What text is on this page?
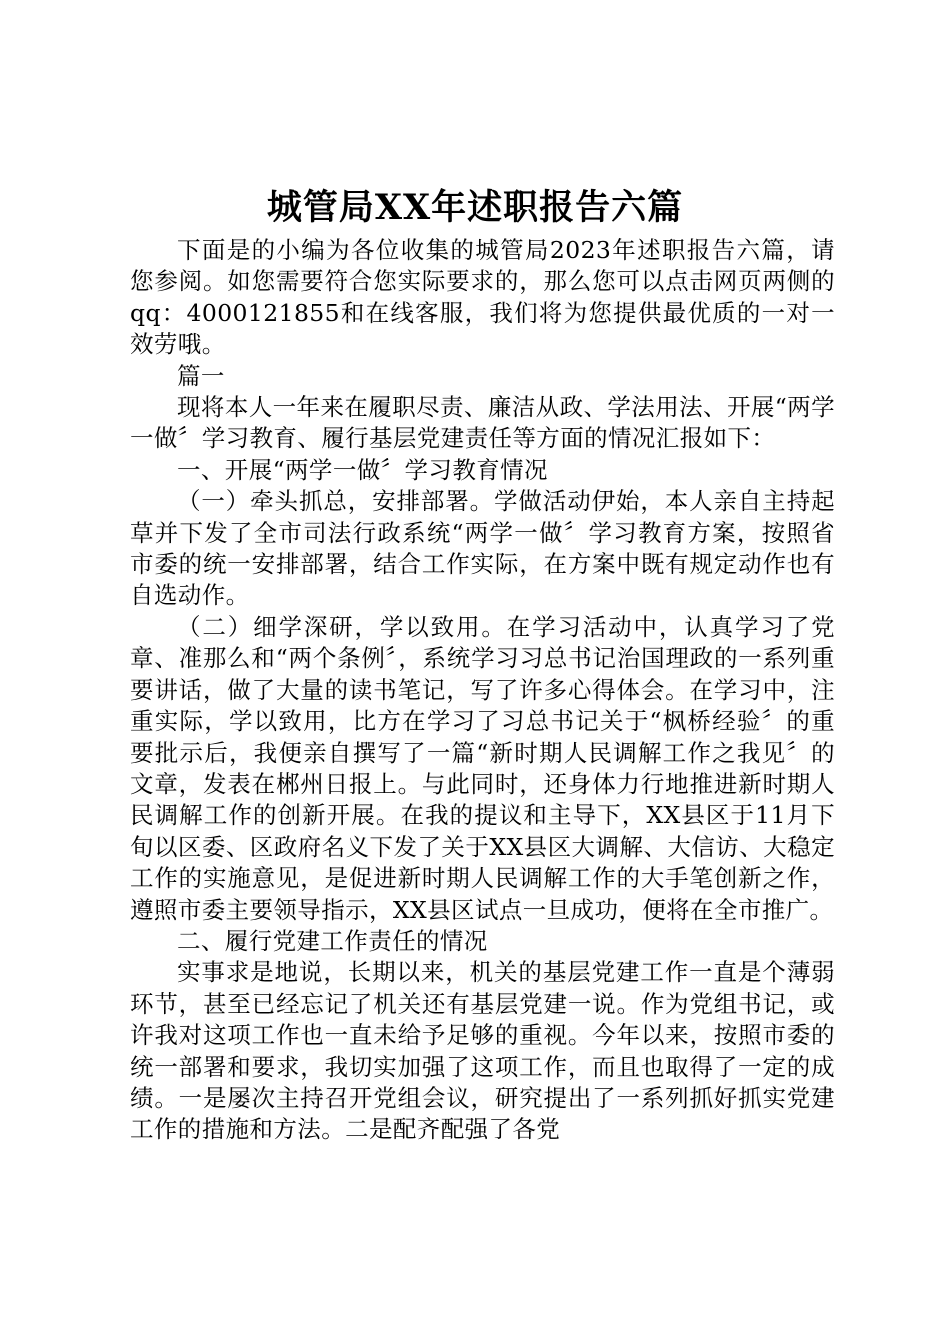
城管局XX年述职报告六篇

下面是的小编为各位收集的城管局2023年述职报告六篇，请您参阅。如您需要符合您实际要求的，那么您可以点击网页两侧的qq：4000121855和在线客服，我们将为您提供最优质的一对一效劳哦。

篇一

现将本人一年来在履职尽责、廉洁从政、学法用法、开展“两学一做〞学习教育、履行基层党建责任等方面的情况汇报如下：

一、开展“两学一做〞学习教育情况

（一）牵头抓总，安排部署。学做活动伊始，本人亲自主持起草并下发了全市司法行政系统“两学一做〞学习教育方案，按照省市委的统一安排部署，结合工作实际，在方案中既有规定动作也有自选动作。

（二）细学深研，学以致用。在学习活动中，认真学习了党章、准那么和“两个条例〞，系统学习习总书记治国理政的一系列重要讲话，做了大量的读书笔记，写了许多心得体会。在学习中，注重实际，学以致用，比方在学习了习总书记关于“枫桥经验〞的重要批示后，我便亲自撰写了一篇“新时期人民调解工作之我见〞的文章，发表在郴州日报上。与此同时，还身体力行地推进新时期人民调解工作的创新开展。在我的提议和主导下，XX县区于11月下旬以区委、区政府名义下发了关于XX县区大调解、大信访、大稳定工作的实施意见，是促进新时期人民调解工作的大手笔创新之作，遵照市委主要领导指示，XX县区试点一旦成功，便将在全市推广。

二、履行党建工作责任的情况

实事求是地说，长期以来，机关的基层党建工作一直是个薄弱环节，甚至已经忘记了机关还有基层党建一说。作为党组书记，或许我对这项工作也一直未给予足够的重视。今年以来，按照市委的统一部署和要求，我切实加强了这项工作，而且也取得了一定的成绩。一是屡次主持召开党组会议，研究提出了一系列抓好抓实党建工作的措施和方法。二是配齐配强了各党
